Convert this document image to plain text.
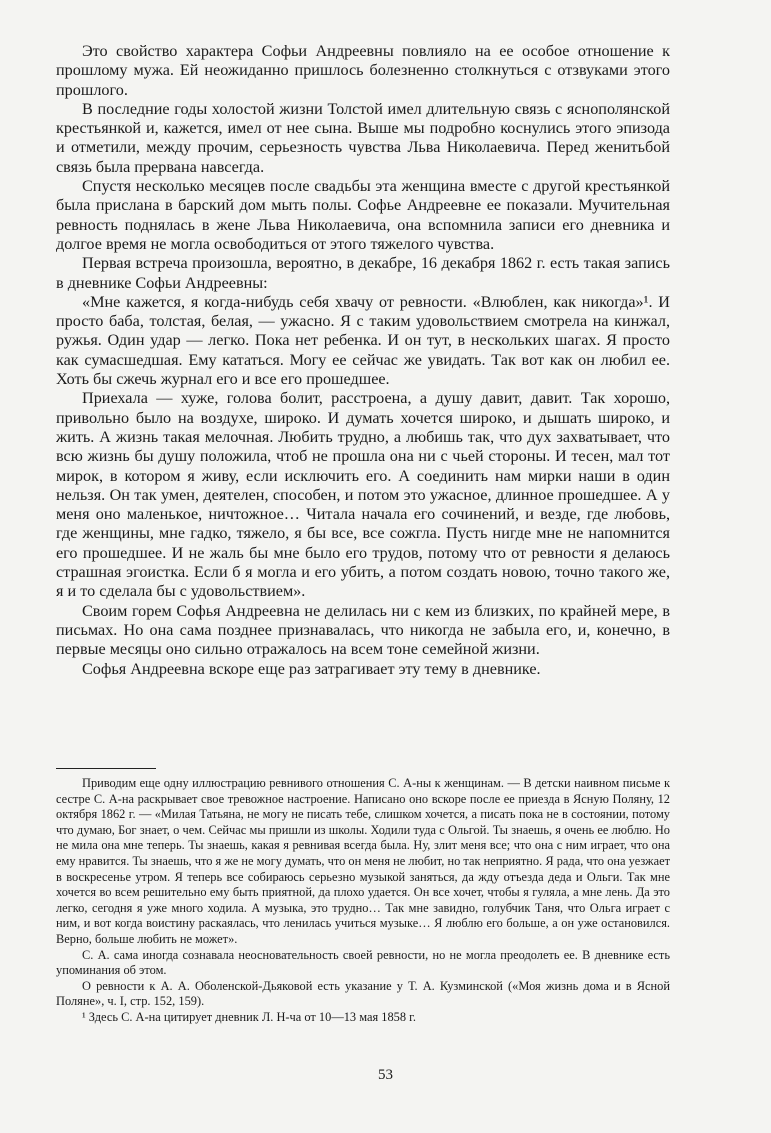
Это свойство характера Софьи Андреевны повлияло на ее особое отношение к прошлому мужа. Ей неожиданно пришлось болезненно столкнуться с отзвуками этого прошлого.

В последние годы холостой жизни Толстой имел длительную связь с яснополянской крестьянкой и, кажется, имел от нее сына. Выше мы подробно коснулись этого эпизода и отметили, между прочим, серьезность чувства Льва Николаевича. Перед женитьбой связь была прервана навсегда.

Спустя несколько месяцев после свадьбы эта женщина вместе с другой крестьянкой была прислана в барский дом мыть полы. Софье Андреевне ее показали. Мучительная ревность поднялась в жене Льва Николаевича, она вспомнила записи его дневника и долгое время не могла освободиться от этого тяжелого чувства.

Первая встреча произошла, вероятно, в декабре, 16 декабря 1862 г. есть такая запись в дневнике Софьи Андреевны:

«Мне кажется, я когда-нибудь себя хвачу от ревности. «Влюблен, как никогда»¹. И просто баба, толстая, белая, — ужасно. Я с таким удовольствием смотрела на кинжал, ружья. Один удар — легко. Пока нет ребенка. И он тут, в нескольких шагах. Я просто как сумасшедшая. Ему кататься. Могу ее сейчас же увидать. Так вот как он любил ее. Хоть бы сжечь журнал его и все его прошедшее.

Приехала — хуже, голова болит, расстроена, а душу давит, давит. Так хорошо, привольно было на воздухе, широко. И думать хочется широко, и дышать широко, и жить. А жизнь такая мелочная. Любить трудно, а любишь так, что дух захватывает, что всю жизнь бы душу положила, чтоб не прошла она ни с чьей стороны. И тесен, мал тот мирок, в котором я живу, если исключить его. А соединить нам мирки наши в один нельзя. Он так умен, деятелен, способен, и потом это ужасное, длинное прошедшее. А у меня оно маленькое, ничтожное… Читала начала его сочинений, и везде, где любовь, где женщины, мне гадко, тяжело, я бы все, все сожгла. Пусть нигде мне не напомнится его прошедшее. И не жаль бы мне было его трудов, потому что от ревности я делаюсь страшная эгоистка. Если б я могла и его убить, а потом создать новою, точно такого же, я и то сделала бы с удовольствием».

Своим горем Софья Андреевна не делилась ни с кем из близких, по крайней мере, в письмах. Но она сама позднее признавалась, что никогда не забыла его, и, конечно, в первые месяцы оно сильно отражалось на всем тоне семейной жизни.

Софья Андреевна вскоре еще раз затрагивает эту тему в дневнике.

Приводим еще одну иллюстрацию ревнивого отношения С. А-ны к женщинам. — В детски наивном письме к сестре С. А-на раскрывает свое тревожное настроение. Написано оно вскоре после ее приезда в Ясную Поляну, 12 октября 1862 г. — «Милая Татьяна, не могу не писать тебе, слишком хочется, а писать пока не в состоянии, потому что думаю, Бог знает, о чем. Сейчас мы пришли из школы. Ходили туда с Ольгой. Ты знаешь, я очень ее люблю. Но не мила она мне теперь. Ты знаешь, какая я ревнивая всегда была. Ну, злит меня все; что она с ним играет, что она ему нравится. Ты знаешь, что я же не могу думать, что он меня не любит, но так неприятно. Я рада, что она уезжает в воскресенье утром. Я теперь все собираюсь серьезно музыкой заняться, да жду отъезда деда и Ольги. Так мне хочется во всем решительно ему быть приятной, да плохо удается. Он все хочет, чтобы я гуляла, а мне лень. Да это легко, сегодня я уже много ходила. А музыка, это трудно… Так мне завидно, голубчик Таня, что Ольга играет с ним, и вот когда воистину раскаялась, что ленилась учиться музыке… Я люблю его больше, а он уже остановился. Верно, больше любить не может».

С. А. сама иногда сознавала неосновательность своей ревности, но не могла преодолеть ее. В дневнике есть упоминания об этом.

О ревности к А. А. Оболенской-Дьяковой есть указание у Т. А. Кузминской («Моя жизнь дома и в Ясной Поляне», ч. I, стр. 152, 159).

¹ Здесь С. А-на цитирует дневник Л. Н-ча от 10—13 мая 1858 г.

53
